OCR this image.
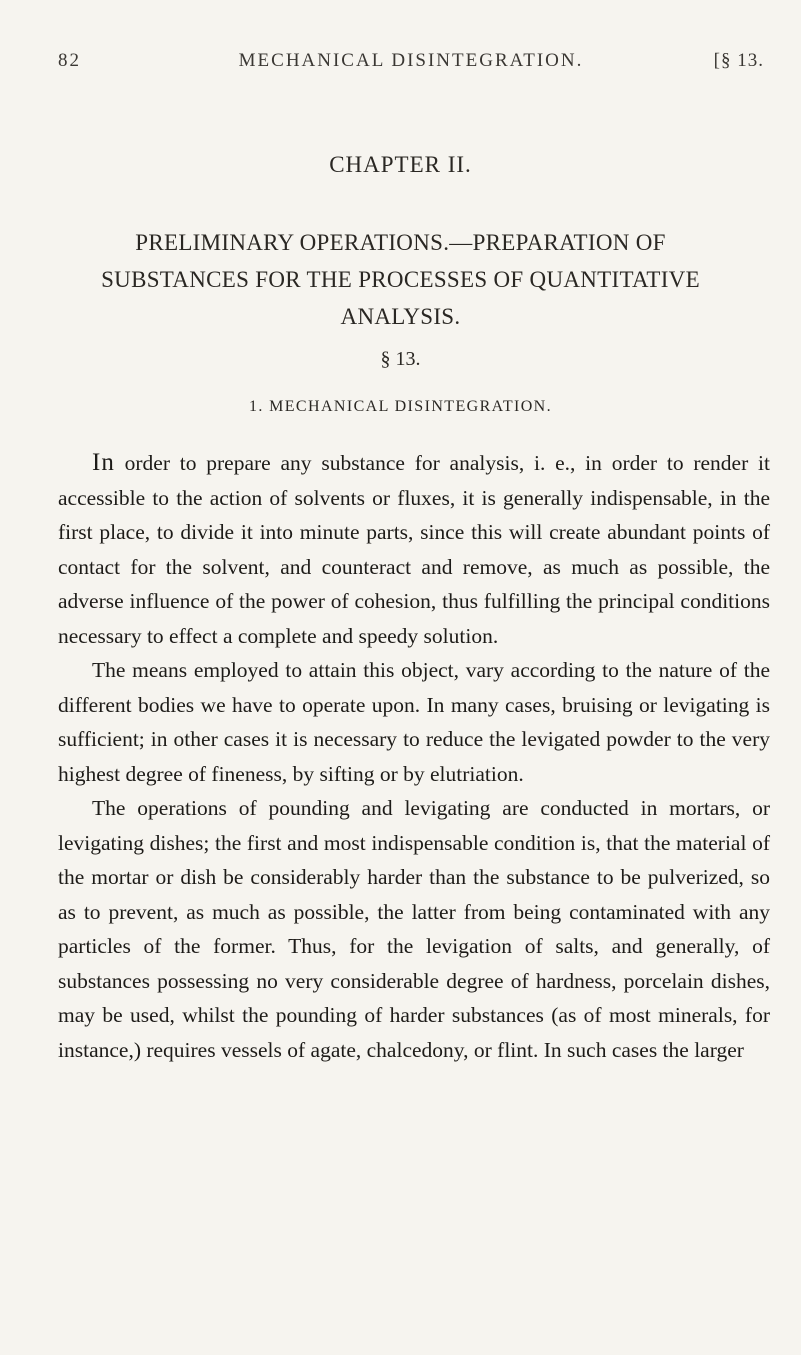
82	MECHANICAL DISINTEGRATION.	[§ 13.
CHAPTER II.
PRELIMINARY OPERATIONS.—PREPARATION OF SUBSTANCES FOR THE PROCESSES OF QUANTITATIVE ANALYSIS.
§ 13.
1. MECHANICAL DISINTEGRATION.

In order to prepare any substance for analysis, i. e., in order to render it accessible to the action of solvents or fluxes, it is generally indispensable, in the first place, to divide it into minute parts, since this will create abundant points of contact for the solvent, and counteract and remove, as much as possible, the adverse influence of the power of cohesion, thus fulfilling the principal conditions necessary to effect a complete and speedy solution.

The means employed to attain this object, vary according to the nature of the different bodies we have to operate upon. In many cases, bruising or levigating is sufficient; in other cases it is necessary to reduce the levigated powder to the very highest degree of fineness, by sifting or by elutriation.

The operations of pounding and levigating are conducted in mortars, or levigating dishes; the first and most indispensable condition is, that the material of the mortar or dish be considerably harder than the substance to be pulverized, so as to prevent, as much as possible, the latter from being contaminated with any particles of the former. Thus, for the levigation of salts, and generally, of substances possessing no very considerable degree of hardness, porcelain dishes, may be used, whilst the pounding of harder substances (as of most minerals, for instance,) requires vessels of agate, chalcedony, or flint. In such cases the larger
